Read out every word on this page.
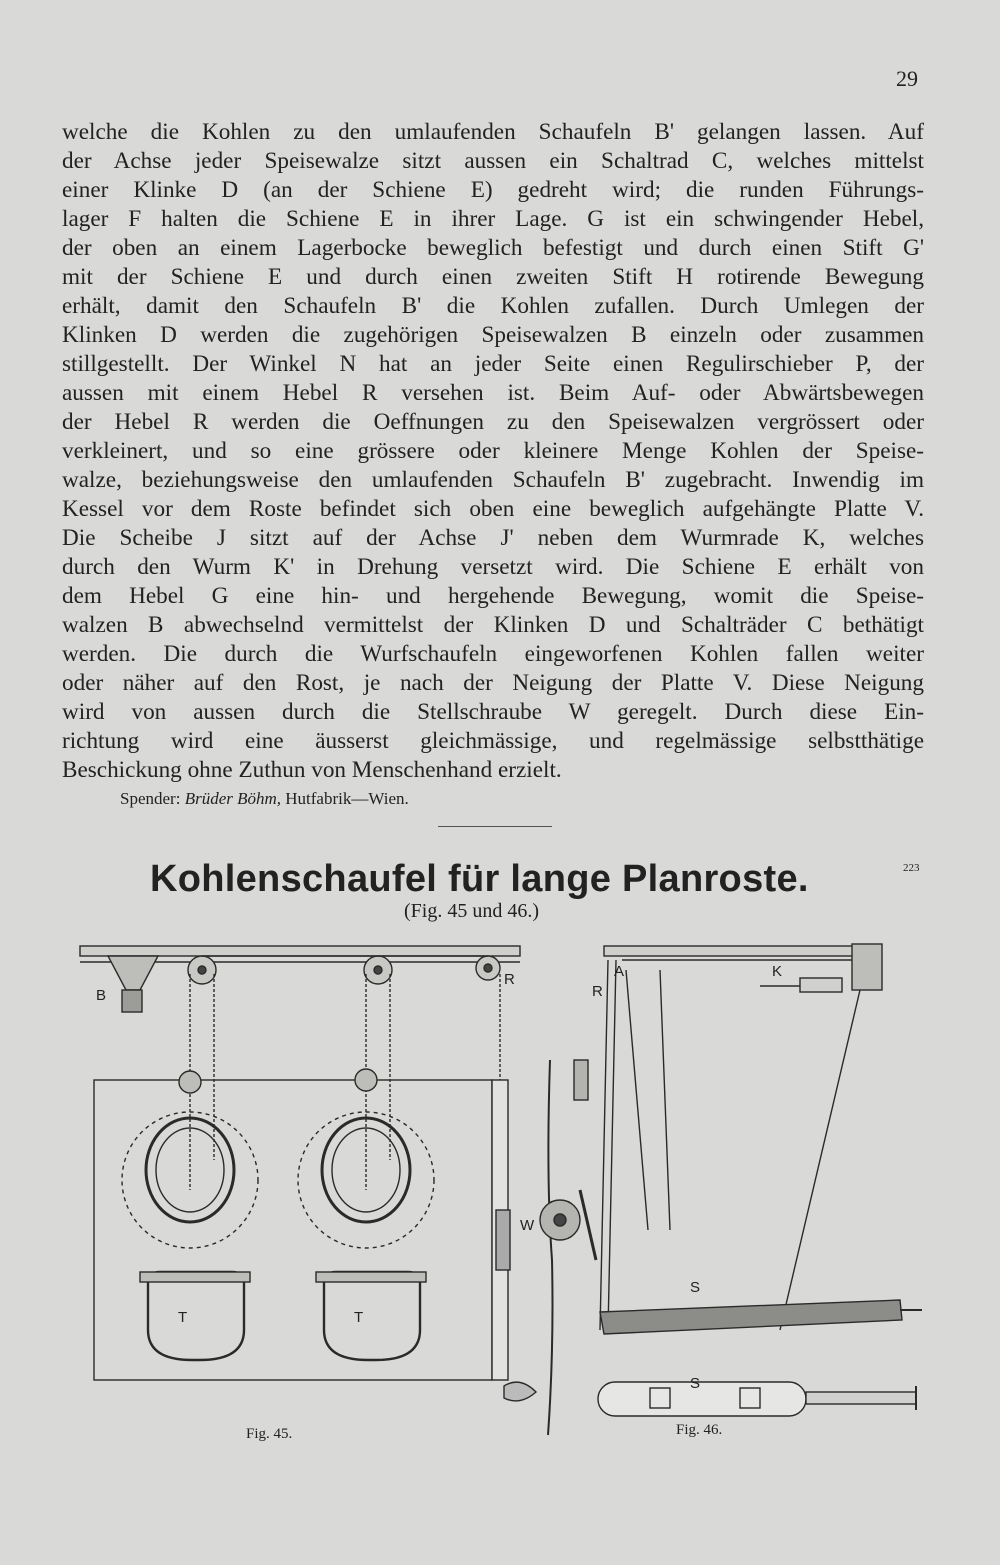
29
welche die Kohlen zu den umlaufenden Schaufeln B' gelangen lassen. Auf
der Achse jeder Speisewalze sitzt aussen ein Schaltrad C, welches mittelst
einer Klinke D (an der Schiene E) gedreht wird; die runden Führungs-
lager F halten die Schiene E in ihrer Lage. G ist ein schwingender Hebel,
der oben an einem Lagerbocke beweglich befestigt und durch einen Stift G'
mit der Schiene E und durch einen zweiten Stift H rotirende Bewegung
erhält, damit den Schaufeln B' die Kohlen zufallen. Durch Umlegen der
Klinken D werden die zugehörigen Speisewalzen B einzeln oder zusammen
stillgestellt. Der Winkel N hat an jeder Seite einen Regulirschieber P, der
aussen mit einem Hebel R versehen ist. Beim Auf- oder Abwärtsbewegen
der Hebel R werden die Oeffnungen zu den Speisewalzen vergrössert oder
verkleinert, und so eine grössere oder kleinere Menge Kohlen der Speise-
walze, beziehungsweise den umlaufenden Schaufeln B' zugebracht. Inwendig im
Kessel vor dem Roste befindet sich oben eine beweglich aufgehängte Platte V.
Die Scheibe J sitzt auf der Achse J' neben dem Wurmrade K, welches
durch den Wurm K' in Drehung versetzt wird. Die Schiene E erhält von
dem Hebel G eine hin- und hergehende Bewegung, womit die Speise-
walzen B abwechselnd vermittelst der Klinken D und Schalträder C bethätigt
werden. Die durch die Wurfschaufeln eingeworfenen Kohlen fallen weiter
oder näher auf den Rost, je nach der Neigung der Platte V. Diese Neigung
wird von aussen durch die Stellschraube W geregelt. Durch diese Ein-
richtung wird eine äusserst gleichmässige, und regelmässige selbstthätige
Beschickung ohne Zuthun von Menschenhand erzielt.
Spender: Brüder Böhm, Hutfabrik—Wien.
Kohlenschaufel für lange Planroste.	223
(Fig. 45 und 46.)
B
R
R
A	K
W
S
S
T	T
Fig. 45.	Fig. 46.
